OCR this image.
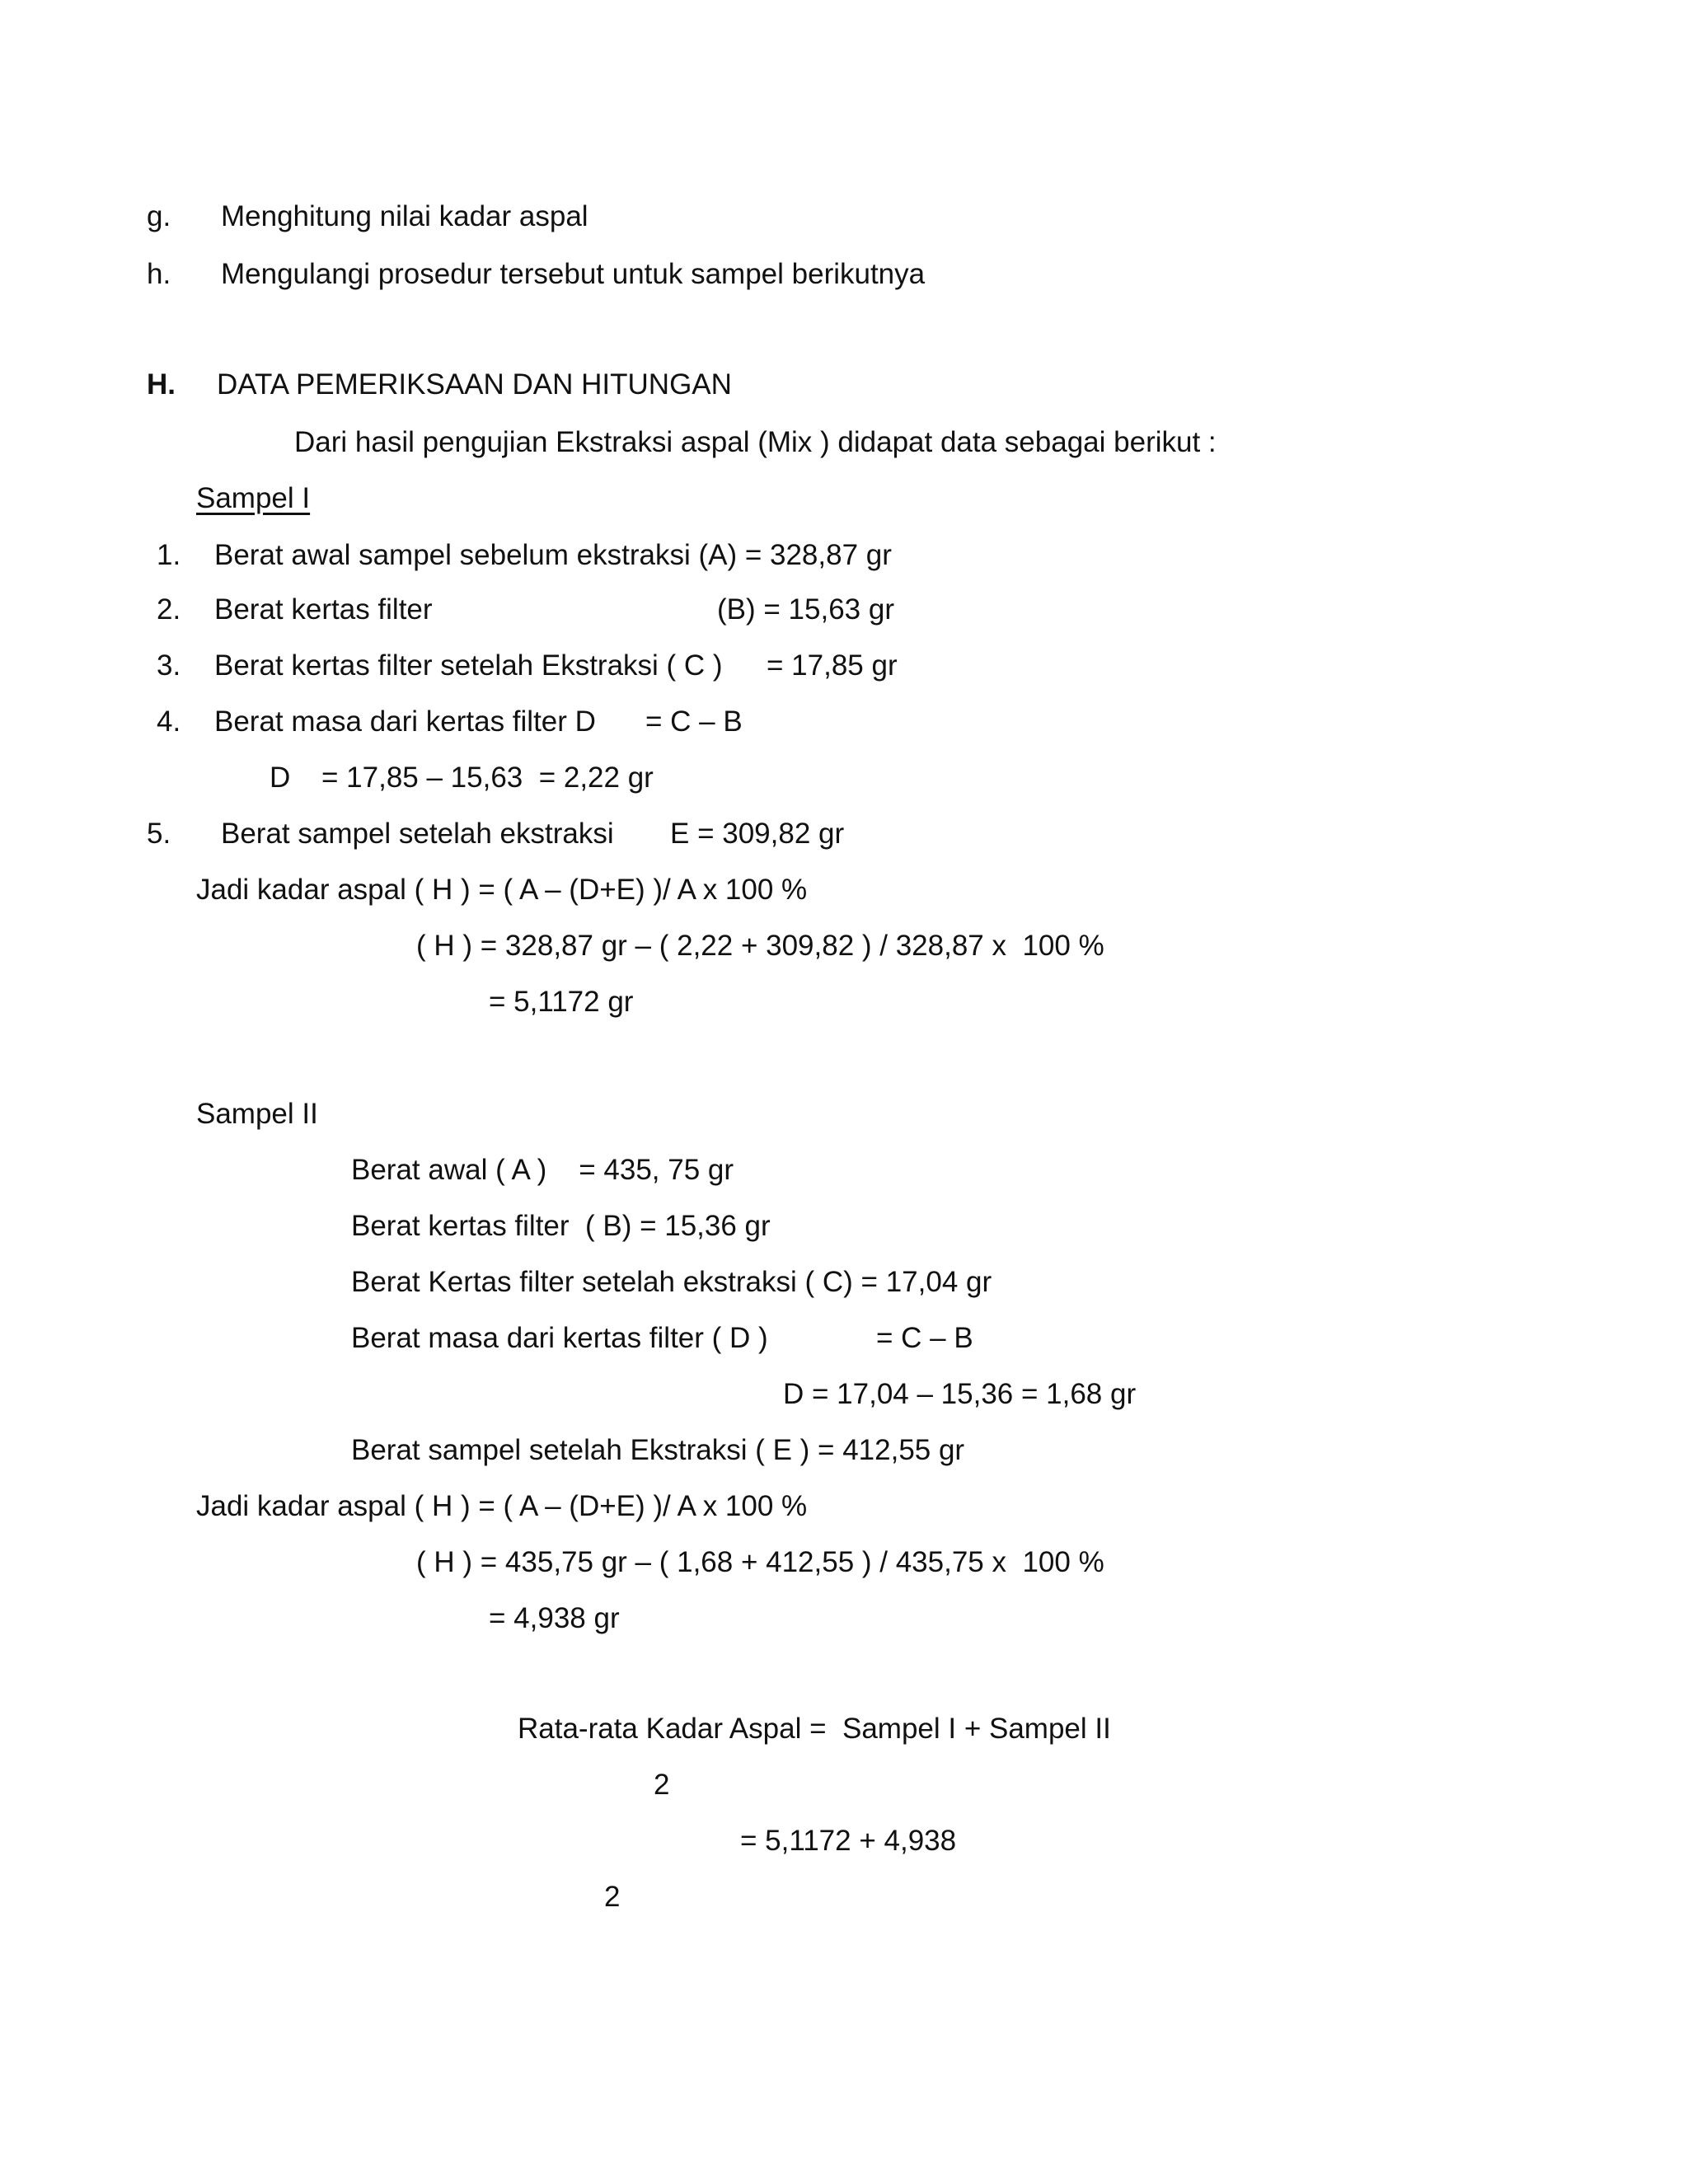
g. Menghitung nilai kadar aspal
h. Mengulangi prosedur tersebut untuk sampel berikutnya
H. DATA PEMERIKSAAN DAN HITUNGAN
Dari hasil pengujian Ekstraksi aspal (Mix ) didapat data sebagai berikut :
Sampel I
1. Berat awal sampel sebelum ekstraksi (A) = 328,87 gr
2. Berat kertas filter	(B) = 15,63 gr
3. Berat kertas filter setelah Ekstraksi ( C ) = 17,85 gr
4. Berat masa dari kertas filter D = C – B
D = 17,85 – 15,63  = 2,22 gr
5. Berat sampel setelah ekstraksi E = 309,82 gr
Jadi kadar aspal ( H ) = ( A – (D+E) )/ A x 100 %
( H ) = 328,87 gr – ( 2,22 + 309,82 ) / 328,87 x  100 %
= 5,1172 gr
Sampel II
Berat awal ( A )    = 435, 75 gr
Berat kertas filter  ( B) = 15,36 gr
Berat Kertas filter setelah ekstraksi ( C) = 17,04 gr
Berat masa dari kertas filter ( D )	= C – B
D = 17,04 – 15,36 = 1,68 gr
Berat sampel setelah Ekstraksi ( E ) = 412,55 gr
Jadi kadar aspal ( H ) = ( A – (D+E) )/ A x 100 %
( H ) = 435,75 gr – ( 1,68 + 412,55 ) / 435,75 x  100 %
= 4,938 gr
Rata-rata Kadar Aspal =  Sampel I + Sampel II
2
= 5,1172 + 4,938
2
